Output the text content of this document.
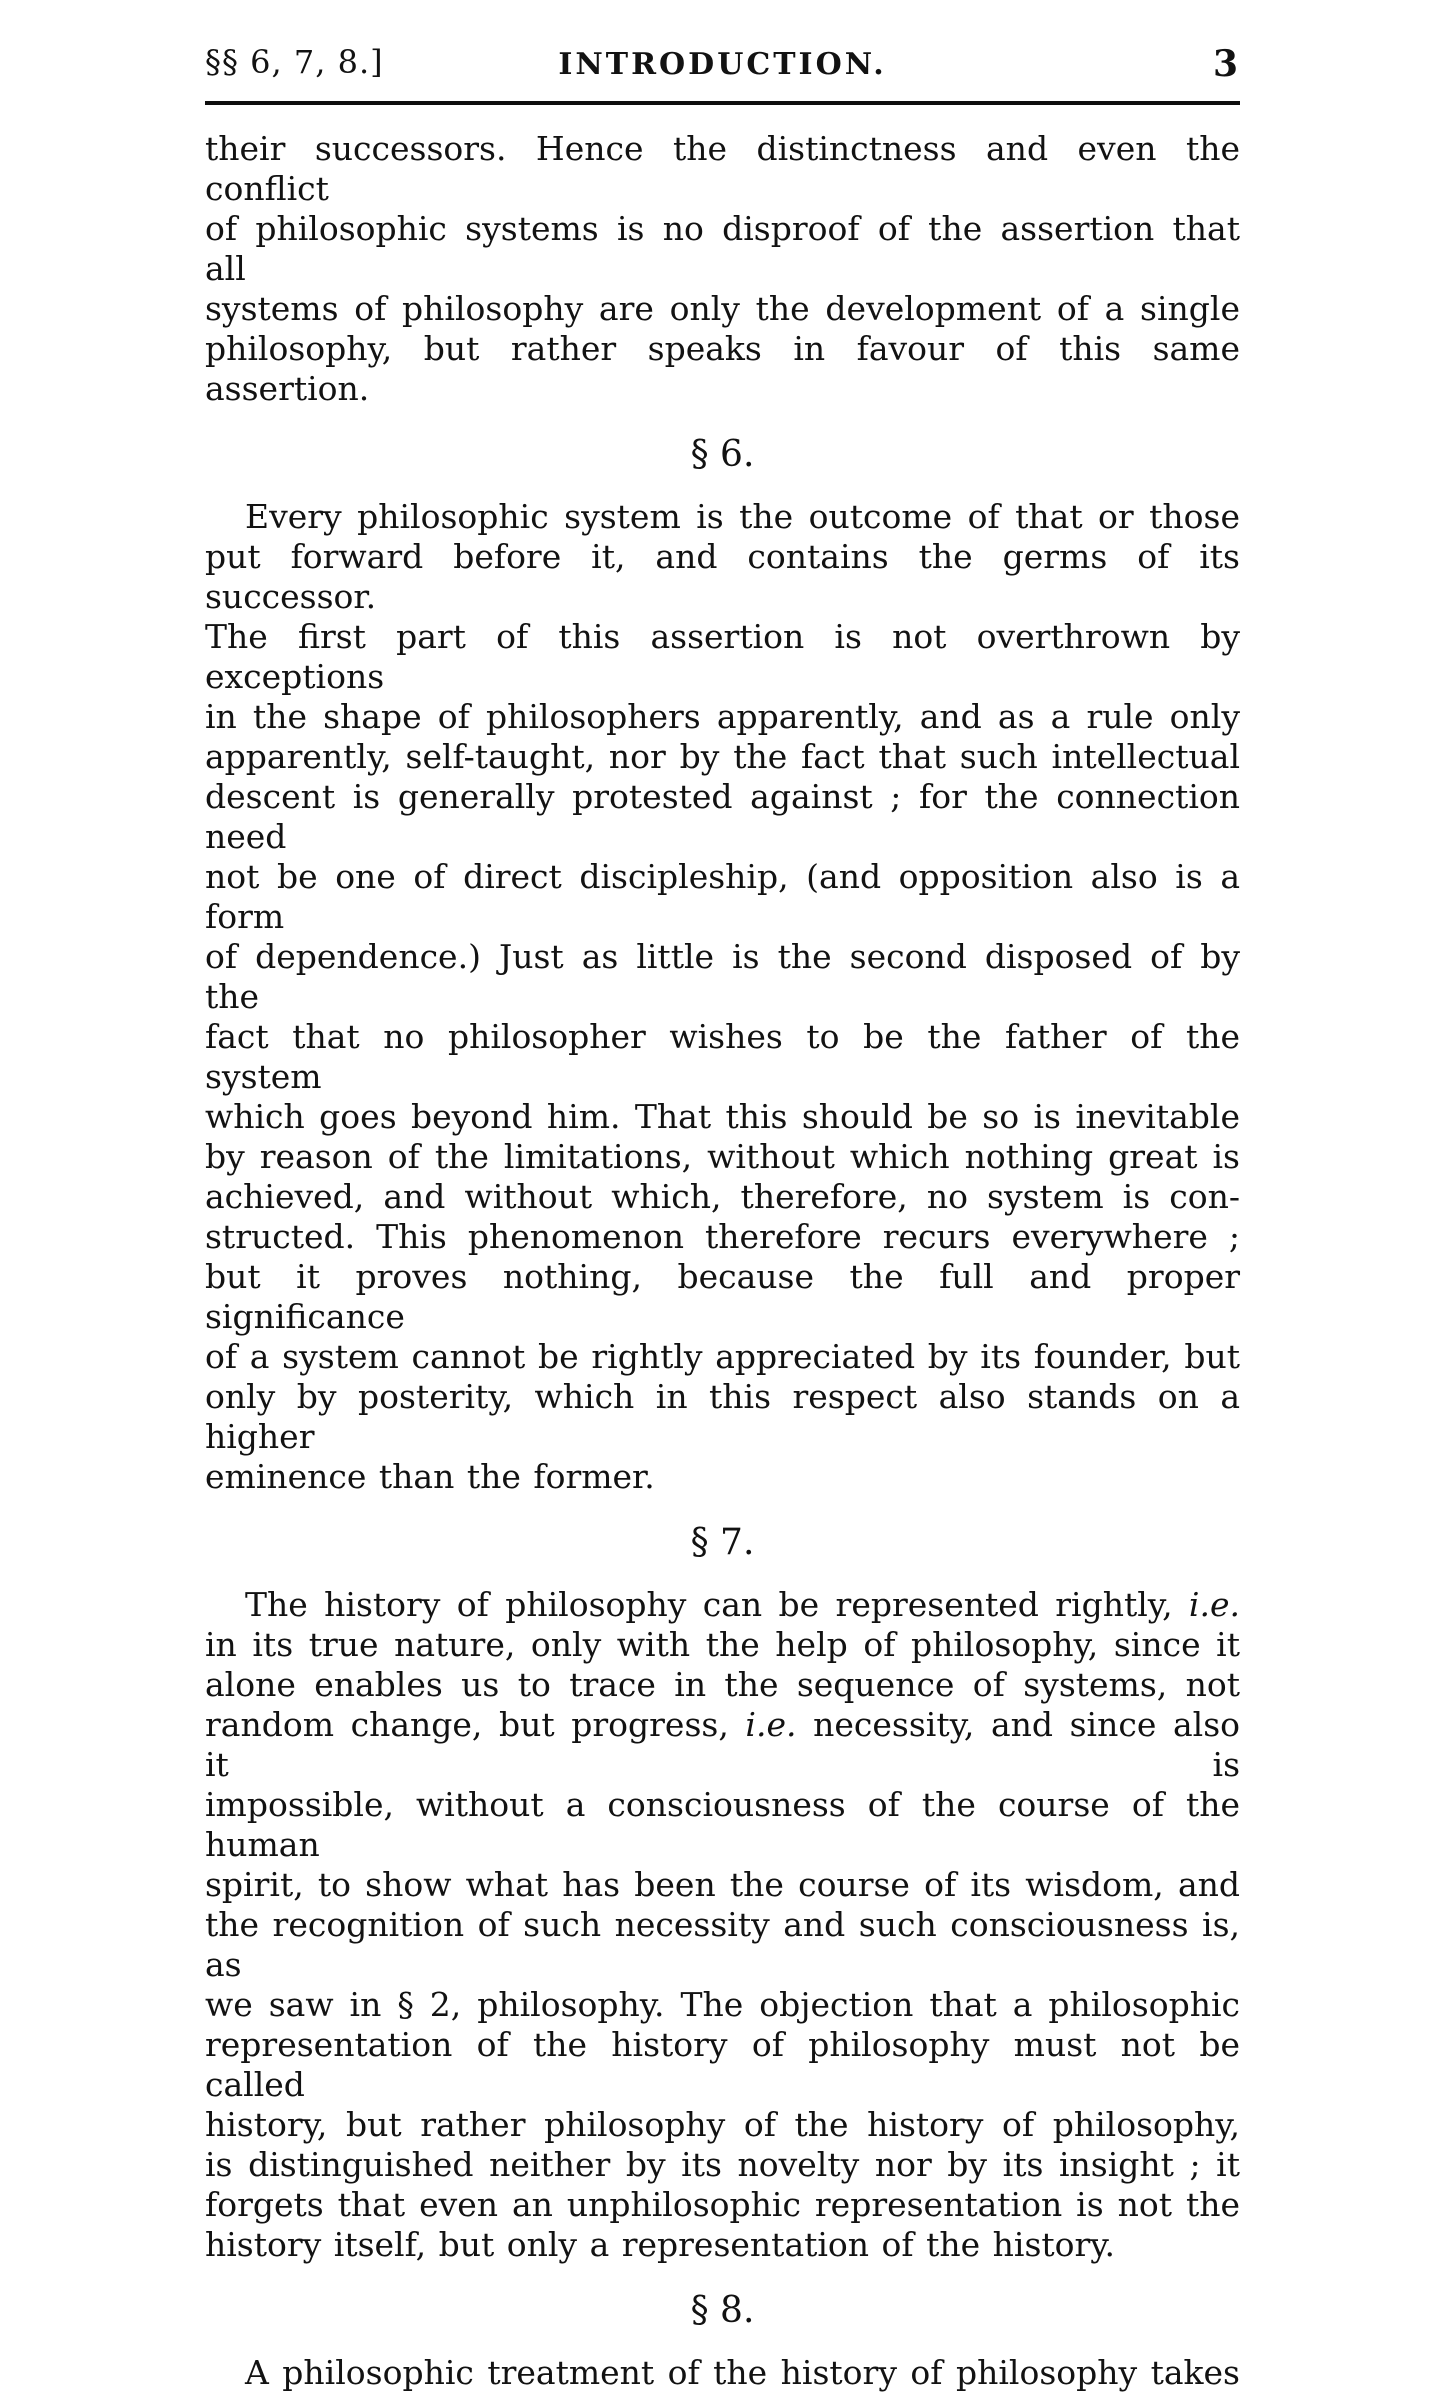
§§ 6, 7, 8.]	INTRODUCTION.	3

their successors. Hence the distinctness and even the conflict
of philosophic systems is no disproof of the assertion that all
systems of philosophy are only the development of a single
philosophy, but rather speaks in favour of this same assertion.

§ 6.

Every philosophic system is the outcome of that or those
put forward before it, and contains the germs of its successor.
The first part of this assertion is not overthrown by exceptions
in the shape of philosophers apparently, and as a rule only
apparently, self-taught, nor by the fact that such intellectual
descent is generally protested against ; for the connection need
not be one of direct discipleship, (and opposition also is a form
of dependence.) Just as little is the second disposed of by the
fact that no philosopher wishes to be the father of the system
which goes beyond him. That this should be so is inevitable
by reason of the limitations, without which nothing great is
achieved, and without which, therefore, no system is con-
structed. This phenomenon therefore recurs everywhere ;
but it proves nothing, because the full and proper significance
of a system cannot be rightly appreciated by its founder, but
only by posterity, which in this respect also stands on a higher
eminence than the former.

§ 7.

The history of philosophy can be represented rightly, i.e.
in its true nature, only with the help of philosophy, since it
alone enables us to trace in the sequence of systems, not
random change, but progress, i.e. necessity, and since also it is
impossible, without a consciousness of the course of the human
spirit, to show what has been the course of its wisdom, and
the recognition of such necessity and such consciousness is, as
we saw in § 2, philosophy. The objection that a philosophic
representation of the history of philosophy must not be called
history, but rather philosophy of the history of philosophy,
is distinguished neither by its novelty nor by its insight ; it
forgets that even an unphilosophic representation is not the
history itself, but only a representation of the history.

§ 8.

A philosophic treatment of the history of philosophy takes
